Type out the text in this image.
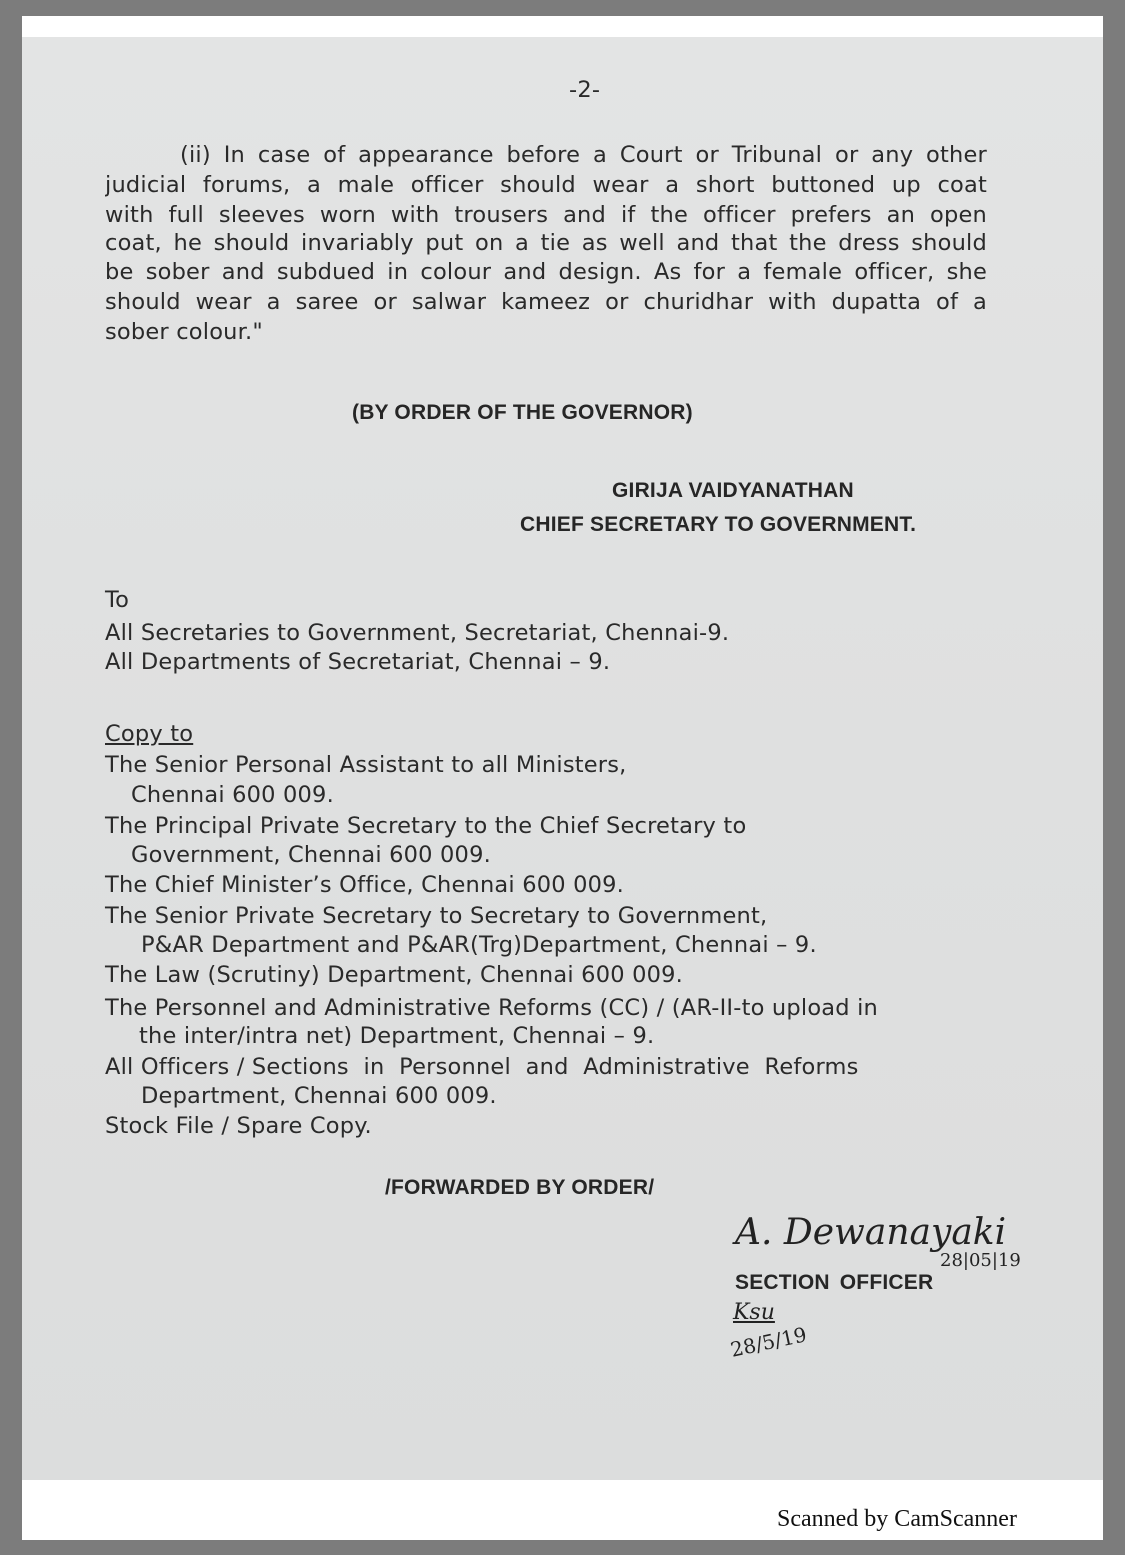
-2-
(ii) In case of appearance before a Court or Tribunal or any other
judicial forums, a male officer should wear a short buttoned up coat
with full sleeves worn with trousers and if the officer prefers an open
coat, he should invariably put on a tie as well and that the dress should
be sober and subdued in colour and design. As for a female officer, she
should wear a saree or salwar kameez or churidhar with dupatta of a
sober colour."
(BY ORDER OF THE GOVERNOR)
GIRIJA VAIDYANATHAN
CHIEF SECRETARY TO GOVERNMENT.
To
All Secretaries to Government, Secretariat, Chennai-9.
All Departments of Secretariat, Chennai – 9.
Copy to
The Senior Personal Assistant to all Ministers,
Chennai 600 009.
The Principal Private Secretary to the Chief Secretary to
Government, Chennai 600 009.
The Chief Minister’s Office, Chennai 600 009.
The Senior Private Secretary to Secretary to Government,
P&AR Department and P&AR(Trg)Department, Chennai – 9.
The Law (Scrutiny) Department, Chennai 600 009.
The Personnel and Administrative Reforms (CC) / (AR-II-to upload in
the inter/intra net) Department, Chennai – 9.
All Officers / Sections  in  Personnel  and  Administrative  Reforms
Department, Chennai 600 009.
Stock File / Spare Copy.
/FORWARDED BY ORDER/
A. Dewanayaki
28|05|19
SECTION OFFICER
Ksu
28/5/19
Scanned by CamScanner
